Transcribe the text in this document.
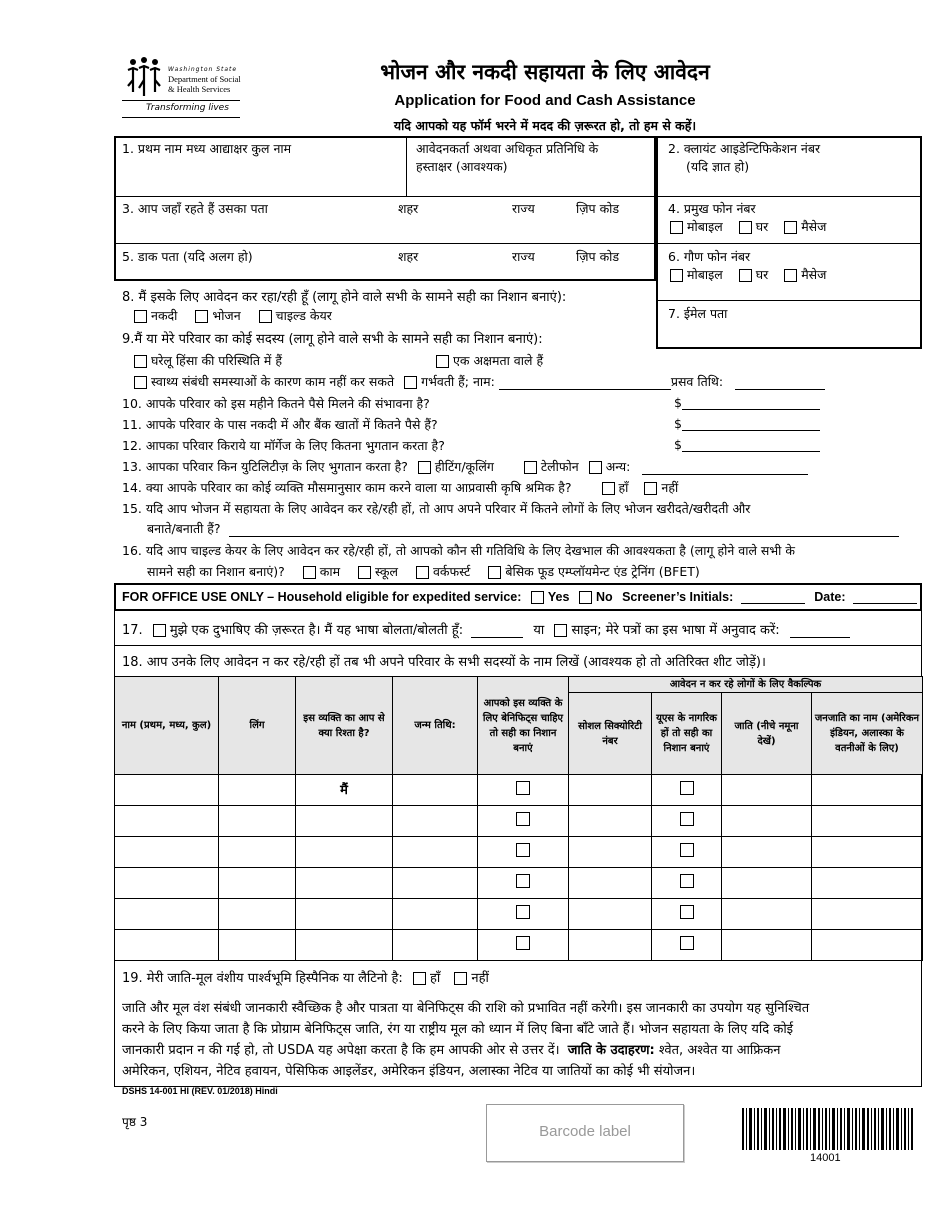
Washington State
Department of Social
& Health Services
Transforming lives
भोजन और नकदी सहायता के लिए आवेदन
Application for Food and Cash Assistance
यदि आपको यह फॉर्म भरने में मदद की ज़रूरत हो, तो हम से कहें।
1. प्रथम नाम मध्य आद्याक्षर कुल नाम	आवेदनकर्ता अथवा अधिकृत प्रतिनिधि के
हस्ताक्षर (आवश्यक)
2. क्लायंट आइडेन्टिफिकेशन नंबर
(यदि ज्ञात हो)
3. आप जहाँ रहते हैं उसका पता	शहर	राज्य	ज़िप कोड	4. प्रमुख फोन नंबर
मोबाइल	घर	मैसेज
5. डाक पता (यदि अलग हो)	शहर	राज्य	ज़िप कोड	6. गौण फोन नंबर
मोबाइल	घर	मैसेज
7. ईमेल पता
8. मैं इसके लिए आवेदन कर रहा/रही हूँ (लागू होने वाले सभी के सामने सही का निशान बनाएं):
नकदी	भोजन	चाइल्ड केयर
9.मैं या मेरे परिवार का कोई सदस्य (लागू होने वाले सभी के सामने सही का निशान बनाएं):
घरेलू हिंसा की परिस्थिति में हैं	एक अक्षमता वाले हैं
स्वाथ्य संबंधी समस्याओं के कारण काम नहीं कर सकते गर्भवती हैं; नाम:	प्रसव तिथि:
10. आपके परिवार को इस महीने कितने पैसे मिलने की संभावना है?	$
11. आपके परिवार के पास नकदी में और बैंक खातों में कितने पैसे हैं?	$
12. आपका परिवार किराये या मॉर्गेज के लिए कितना भुगतान करता है?	$
13. आपका परिवार किन युटिलिटीज़ के लिए भुगतान करता है? हीटिंग/कूलिंग	टेलीफोन अन्य:
14. क्या आपके परिवार का कोई व्यक्ति मौसमानुसार काम करने वाला या आप्रवासी कृषि श्रमिक है?	हाँ	नहीं
15. यदि आप भोजन में सहायता के लिए आवेदन कर रहे/रही हों, तो आप अपने परिवार में कितने लोगों के लिए भोजन खरीदते/खरीदती और
बनाते/बनाती हैं?
16. यदि आप चाइल्ड केयर के लिए आवेदन कर रहे/रही हों, तो आपको कौन सी गतिविधि के लिए देखभाल की आवश्यकता है (लागू होने वाले सभी के
सामने सही का निशान बनाएं)?	काम	स्कूल	वर्कफर्स्ट	बेसिक फूड एम्प्लॉयमेन्ट एंड ट्रेनिंग (BFET)
FOR OFFICE USE ONLY – Household eligible for expedited service: Yes No Screener’s Initials:	Date:
17. मुझे एक दुभाषिए की ज़रूरत है। मैं यह भाषा बोलता/बोलती हूँ:	या साइन; मेरे पत्रों का इस भाषा में अनुवाद करें:
18. आप उनके लिए आवेदन न कर रहे/रही हों तब भी अपने परिवार के सभी सदस्यों के नाम लिखें (आवश्यक हो तो अतिरिक्त शीट जोड़ें)।
नाम (प्रथम, मध्य, कुल)	लिंग	इस व्यक्ति का आप से क्या रिश्ता है?	जन्म तिथि:	आपको इस व्यक्ति के लिए बेनिफिट्स चाहिए तो सही का निशान बनाएं	आवेदन न कर रहे लोगों के लिए वैकल्पिक			
					सोशल सिक्योरिटी नंबर	यूएस के नागरिक हों तो सही का निशान बनाएं	जाति (नीचे नमूना देखें)	जनजाति का नाम (अमेरिकन इंडियन, अलास्का के वतनीओं के लिए)
		मैं						

19. मेरी जाति-मूल वंशीय पार्श्वभूमि हिस्पैनिक या लैटिनो है: हाँ नहीं
जाति और मूल वंश संबंधी जानकारी स्वैच्छिक है और पात्रता या बेनिफिट्स की राशि को प्रभावित नहीं करेगी। इस जानकारी का उपयोग यह सुनिश्चित
करने के लिए किया जाता है कि प्रोग्राम बेनिफिट्स जाति, रंग या राष्ट्रीय मूल को ध्यान में लिए बिना बाँटे जाते हैं। भोजन सहायता के लिए यदि कोई
जानकारी प्रदान न की गई हो, तो USDA यह अपेक्षा करता है कि हम आपकी ओर से उत्तर दें। जाति के उदाहरण: श्वेत, अश्वेत या आफ्रिकन
अमेरिकन, एशियन, नेटिव हवायन, पेसिफिक आइलेंडर, अमेरिकन इंडियन, अलास्का नेटिव या जातियों का कोई भी संयोजन।
DSHS 14-001 HI (REV. 01/2018) Hindi
पृष्ठ 3
Barcode label
14001
